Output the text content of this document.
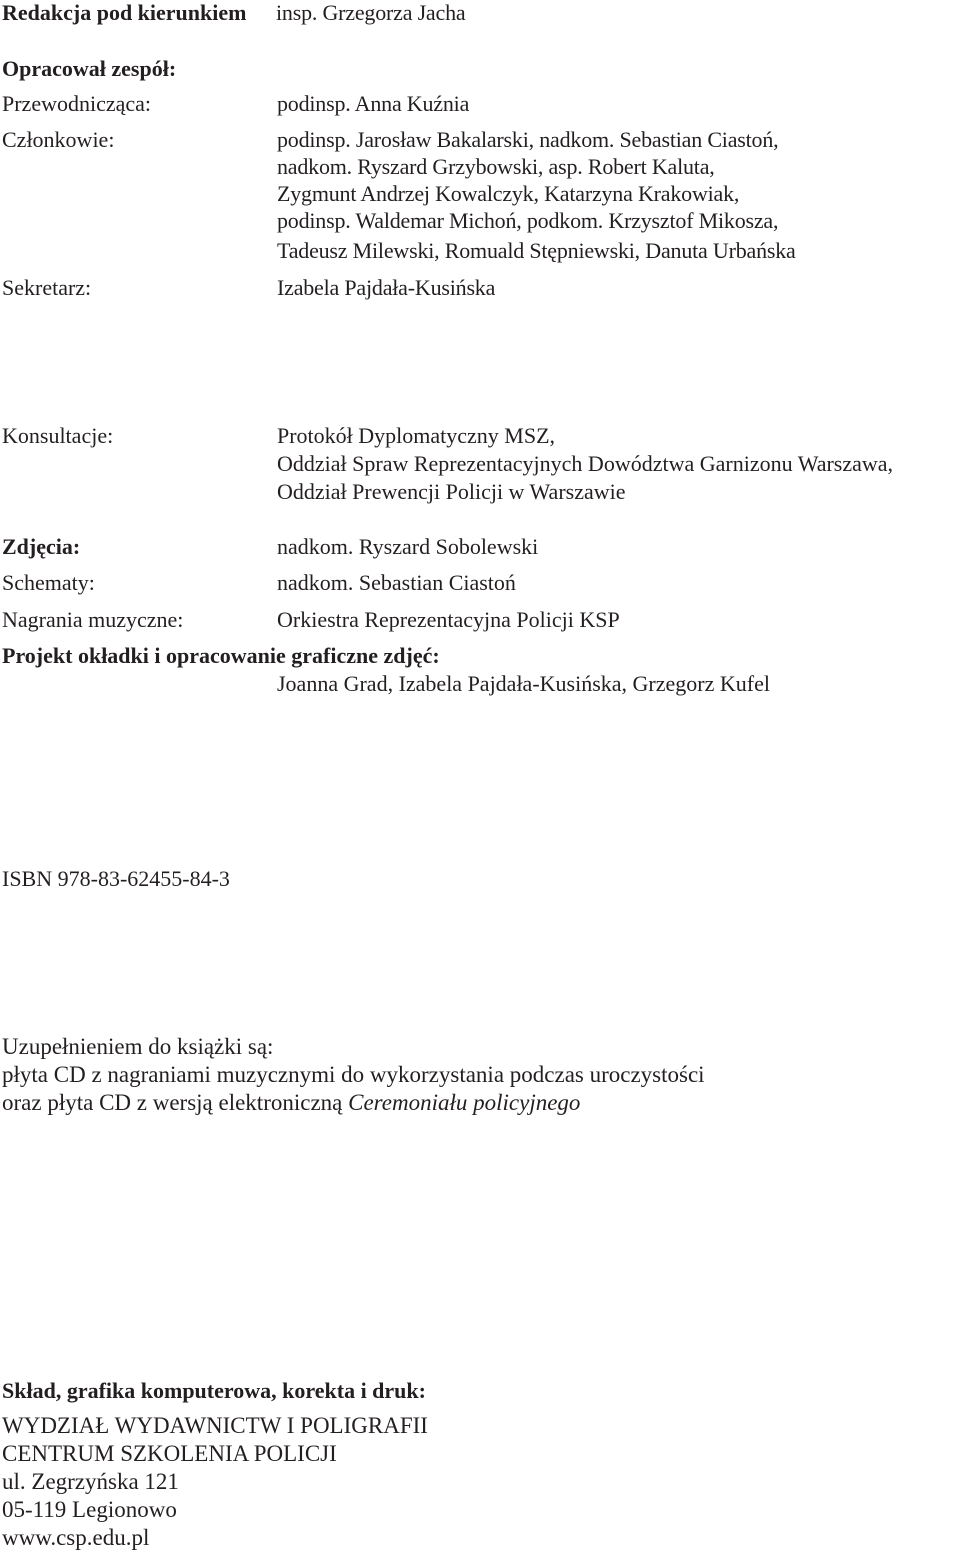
Redakcja pod kierunkiem insp. Grzegorza Jacha
Opracował zespół:
Przewodnicząca:	podinsp. Anna Kuźnia
Członkowie:	podinsp. Jarosław Bakalarski, nadkom. Sebastian Ciastoń,
nadkom. Ryszard Grzybowski, asp. Robert Kaluta,
Zygmunt Andrzej Kowalczyk, Katarzyna Krakowiak,
podinsp. Waldemar Michoń, podkom. Krzysztof Mikosza,
Tadeusz Milewski, Romuald Stępniewski, Danuta Urbańska
Sekretarz:	Izabela Pajdała-Kusińska
Konsultacje:	Protokół Dyplomatyczny MSZ,
Oddział Spraw Reprezentacyjnych Dowództwa Garnizonu Warszawa,
Oddział Prewencji Policji w Warszawie
Zdjęcia:	nadkom. Ryszard Sobolewski
Schematy:	nadkom. Sebastian Ciastoń
Nagrania muzyczne:	Orkiestra Reprezentacyjna Policji KSP
Projekt okładki i opracowanie graficzne zdjęć:
Joanna Grad, Izabela Pajdała-Kusińska, Grzegorz Kufel
ISBN 978-83-62455-84-3
Uzupełnieniem do książki są:
płyta CD z nagraniami muzycznymi do wykorzystania podczas uroczystości
oraz płyta CD z wersją elektroniczną Ceremoniału policyjnego
Skład, grafika komputerowa, korekta i druk:
WYDZIAŁ WYDAWNICTW I POLIGRAFII
CENTRUM SZKOLENIA POLICJI
ul. Zegrzyńska 121
05-119 Legionowo
www.csp.edu.pl
